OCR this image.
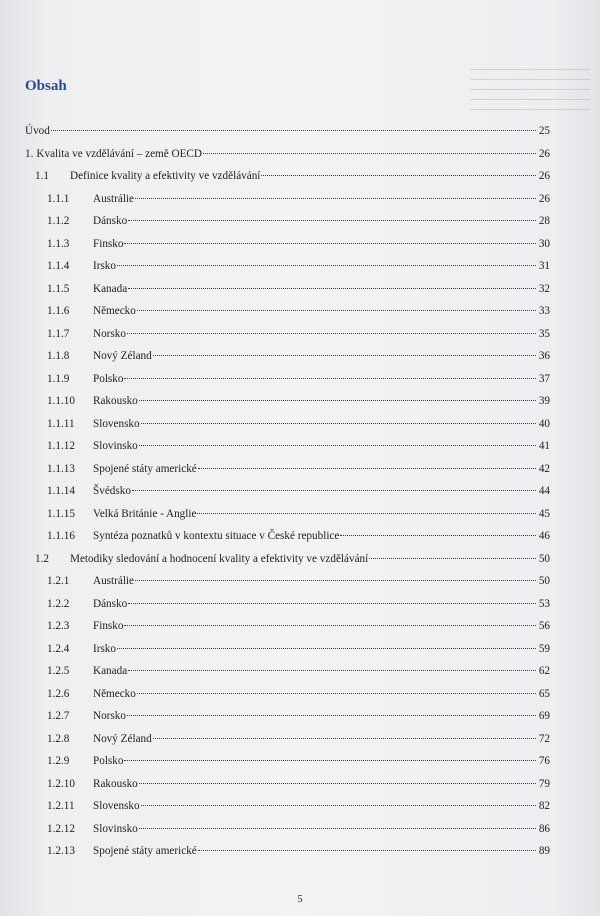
Obsah
Úvod	25
1. Kvalita ve vzdělávání – země OECD	26
1.1	Definice kvality a efektivity ve vzdělávání	26
1.1.1	Austrálie	26
1.1.2	Dánsko	28
1.1.3	Finsko	30
1.1.4	Irsko	31
1.1.5	Kanada	32
1.1.6	Německo	33
1.1.7	Norsko	35
1.1.8	Nový Zéland	36
1.1.9	Polsko	37
1.1.10	Rakousko	39
1.1.11	Slovensko	40
1.1.12	Slovinsko	41
1.1.13	Spojené státy americké	42
1.1.14	Švédsko	44
1.1.15	Velká Británie - Anglie	45
1.1.16	Syntéza poznatků v kontextu situace v České republice	46
1.2	Metodiky sledování a hodnocení kvality a efektivity ve vzdělávání	50
1.2.1	Austrálie	50
1.2.2	Dánsko	53
1.2.3	Finsko	56
1.2.4	Irsko	59
1.2.5	Kanada	62
1.2.6	Německo	65
1.2.7	Norsko	69
1.2.8	Nový Zéland	72
1.2.9	Polsko	76
1.2.10	Rakousko	79
1.2.11	Slovensko	82
1.2.12	Slovinsko	86
1.2.13	Spojené státy americké	89
5
